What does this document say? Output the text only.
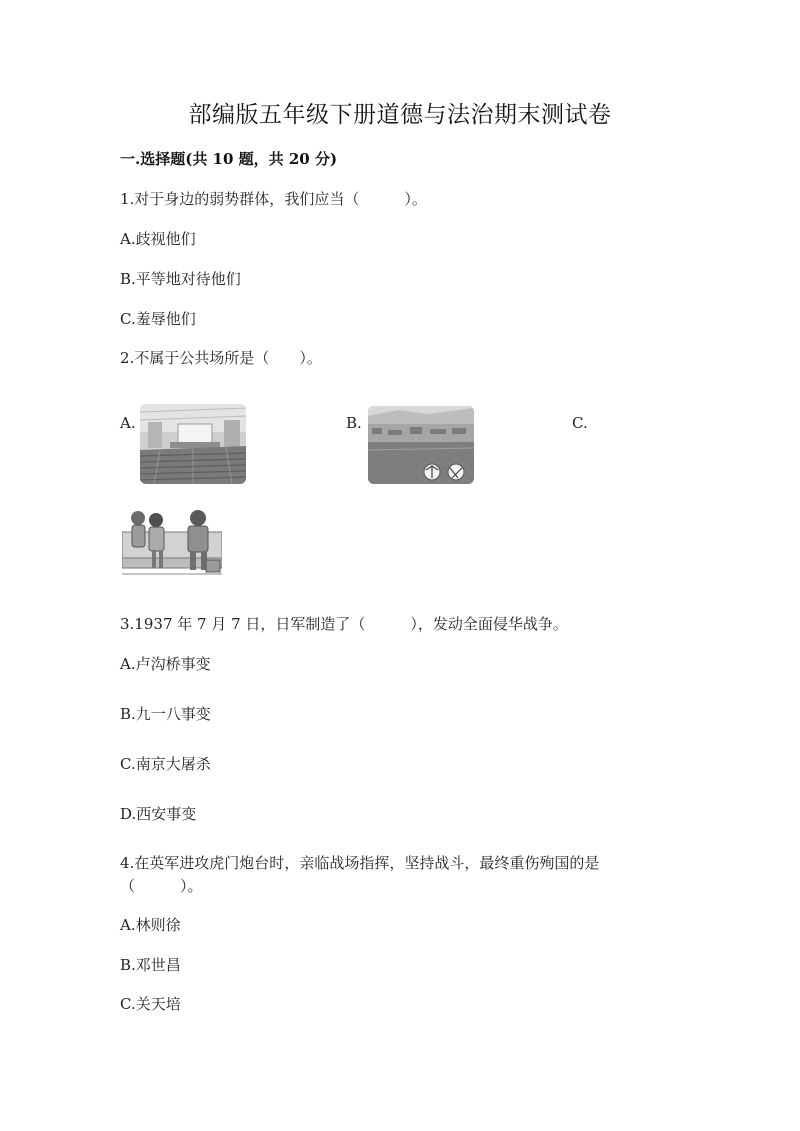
部编版五年级下册道德与法治期末测试卷
一.选择题(共 10 题，共 20 分)
1.对于身边的弱势群体，我们应当（　　　）。
A.歧视他们
B.平等地对待他们
C.羞辱他们
2.不属于公共场所是（　　）。
A.	B.	C.
3.1937 年 7 月 7 日，日军制造了（　　　），发动全面侵华战争。
A.卢沟桥事变
B.九一八事变
C.南京大屠杀
D.西安事变
4.在英军进攻虎门炮台时，亲临战场指挥，坚持战斗，最终重伤殉国的是
（　　　）。
A.林则徐
B.邓世昌
C.关天培
